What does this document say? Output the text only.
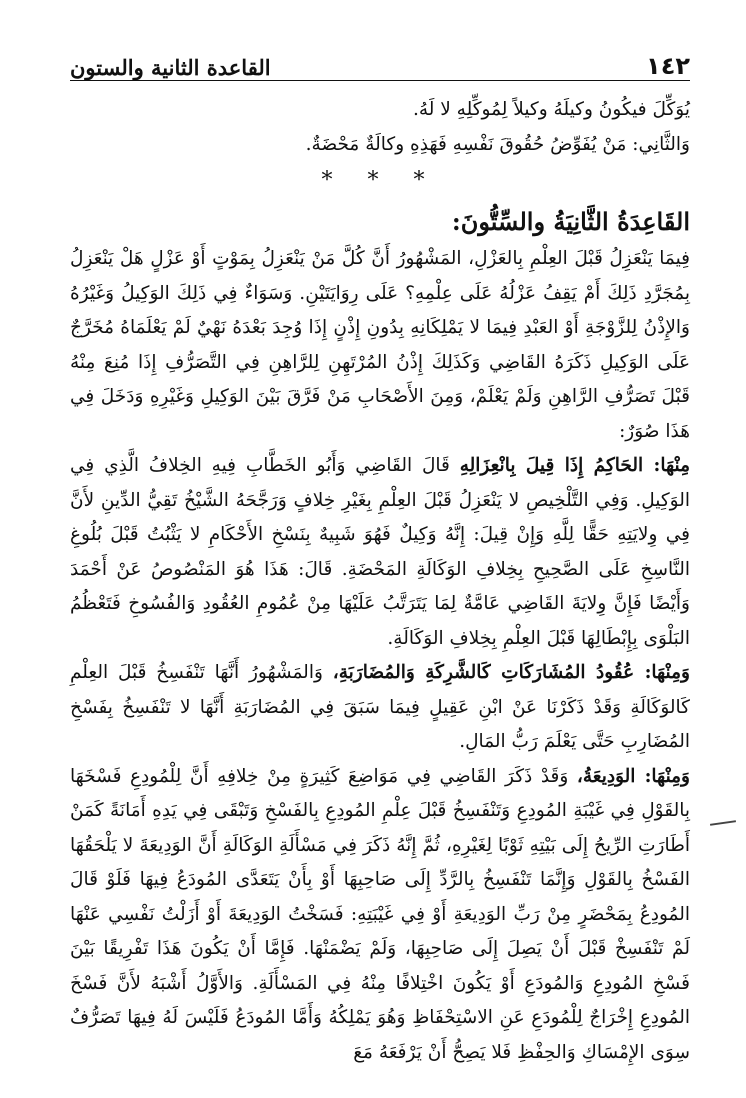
١٤٢
القاعدة الثانية والستون

يُوَكِّلَ فيكُونُ وكيلَهُ وكيلاً لِمُوكِّلِهِ لا لَهُ.

وَالثَّانِي: مَنْ يُفَوِّضُ حُقُوقَ نَفْسِهِ فَهَذِهِ وكالَةٌ مَحْضَةٌ.

* * *
القَاعِدَةُ الثَّانِيَةُ والسِّتُّونَ:

فِيمَا يَنْعَزِلُ قَبْلَ العِلْمِ بِالعَزْلِ، المَشْهُورُ أَنَّ كُلَّ مَنْ يَنْعَزِلُ بِمَوْتٍ أَوْ عَزْلٍ هَلْ يَنْعَزِلُ بِمُجَرَّدِ ذَلِكَ أَمْ يَقِفُ عَزْلُهُ عَلَى عِلْمِهِ؟ عَلَى رِوَايَتَيْنِ. وَسَوَاءٌ فِي ذَلِكَ الوَكِيلُ وَغَيْرُهُ وَالإِذْنُ لِلزَّوْجَةِ أَوْ العَبْدِ فِيمَا لا يَمْلِكَانِهِ بِدُونِ إِذْنٍ إِذَا وُجِدَ بَعْدَهُ نَهْيٌ لَمْ يَعْلَمَاهُ مُخَرَّجٌ عَلَى الوَكِيلِ ذَكَرَهُ القَاضِي وَكَذَلِكَ إِذْنُ المُرْتَهِنِ لِلرَّاهِنِ فِي التَّصَرُّفِ إِذَا مُنِعَ مِنْهُ قَبْلَ تَصَرُّفِ الرَّاهِنِ وَلَمْ يَعْلَمْ، وَمِنَ الأَصْحَابِ مَنْ فَرَّقَ بَيْنَ الوَكِيلِ وَغَيْرِهِ وَدَخَلَ فِي هَذَا صُوَرٌ:

مِنْهَا: الحَاكِمُ إِذَا قِيلَ بِانْعِزَالِهِ قَالَ القَاضِي وَأَبُو الخَطَّابِ فِيهِ الخِلافُ الَّذِي فِي الوَكِيلِ. وَفِي التَّلْخِيصِ لا يَنْعَزِلُ قَبْلَ العِلْمِ بِغَيْرِ خِلافٍ وَرَجَّحَهُ الشَّيْخُ تَقِيُّ الدِّينِ لأَنَّ فِي وِلايَتِهِ حَقًّا لِلَّهِ وَإِنْ قِيلَ: إِنَّهُ وَكِيلٌ فَهُوَ شَبِيهٌ بِنَسْخِ الأَحْكَامِ لا يَثْبُتُ قَبْلَ بُلُوغِ النَّاسِخِ عَلَى الصَّحِيحِ بِخِلافِ الوَكَالَةِ المَحْضَةِ. قَالَ: هَذَا هُوَ المَنْصُوصُ عَنْ أَحْمَدَ وَأَيْضًا فَإِنَّ وِلايَةَ القَاضِي عَامَّةٌ لِمَا يَتَرَتَّبُ عَلَيْهَا مِنْ عُمُومِ العُقُودِ وَالفُسُوخِ فَتَعْظُمُ البَلْوَى بِإِبْطَالِهَا قَبْلَ العِلْمِ بِخِلافِ الوَكَالَةِ.

وَمِنْهَا: عُقُودُ المُشَارَكَاتِ كَالشَّرِكَةِ وَالمُضَارَبَةِ، وَالمَشْهُورُ أَنَّهَا تَنْفَسِخُ قَبْلَ العِلْمِ كَالوَكَالَةِ وَقَدْ ذَكَرْنَا عَنْ ابْنِ عَقِيلٍ فِيمَا سَبَقَ فِي المُضَارَبَةِ أَنَّهَا لا تَنْفَسِخُ بِفَسْخِ المُضَارِبِ حَتَّى يَعْلَمَ رَبُّ المَالِ.

وَمِنْهَا: الوَدِيعَةُ، وَقَدْ ذَكَرَ القَاضِي فِي مَوَاضِعَ كَثِيرَةٍ مِنْ خِلافِهِ أَنَّ لِلْمُودِعِ فَسْخَهَا بِالقَوْلِ فِي غَيْبَةِ المُودِعِ وَتَنْفَسِخُ قَبْلَ عِلْمِ المُودِعِ بِالفَسْخِ وَتَبْقَى فِي يَدِهِ أَمَانَةً كَمَنْ أَطَارَتِ الرِّيحُ إِلَى بَيْتِهِ ثَوْبًا لِغَيْرِهِ، ثُمَّ إِنَّهُ ذَكَرَ فِي مَسْأَلَةِ الوَكَالَةِ أَنَّ الوَدِيعَةَ لا يَلْحَقُهَا الفَسْخُ بِالقَوْلِ وَإِنَّمَا تَنْفَسِخُ بِالرَّدِّ إِلَى صَاحِبِهَا أَوْ بِأَنْ يَتَعَدَّى المُودَعُ فِيهَا فَلَوْ قَالَ المُودِعُ بِمَحْضَرٍ مِنْ رَبِّ الوَدِيعَةِ أَوْ فِي غَيْبَتِهِ: فَسَخْتُ الوَدِيعَةَ أَوْ أَزَلْتُ نَفْسِي عَنْهَا لَمْ تَنْفَسِخْ قَبْلَ أَنْ يَصِلَ إِلَى صَاحِبِهَا، وَلَمْ يَضْمَنْهَا. فَإِمَّا أَنْ يَكُونَ هَذَا تَفْرِيقًا بَيْنَ فَسْخِ المُودِعِ وَالمُودَعِ أَوْ يَكُونَ اخْتِلافًا مِنْهُ فِي المَسْأَلَةِ. وَالأَوَّلُ أَشْبَهُ لأَنَّ فَسْخَ المُودِعِ إِخْرَاجٌ لِلْمُودَعِ عَنِ الاسْتِحْفَاظِ وَهُوَ يَمْلِكُهُ وَأَمَّا المُودَعُ فَلَيْسَ لَهُ فِيهَا تَصَرُّفٌ سِوَى الإِمْسَاكِ وَالحِفْظِ فَلا يَصِحُّ أَنْ يَرْفَعَهُ مَعَ
